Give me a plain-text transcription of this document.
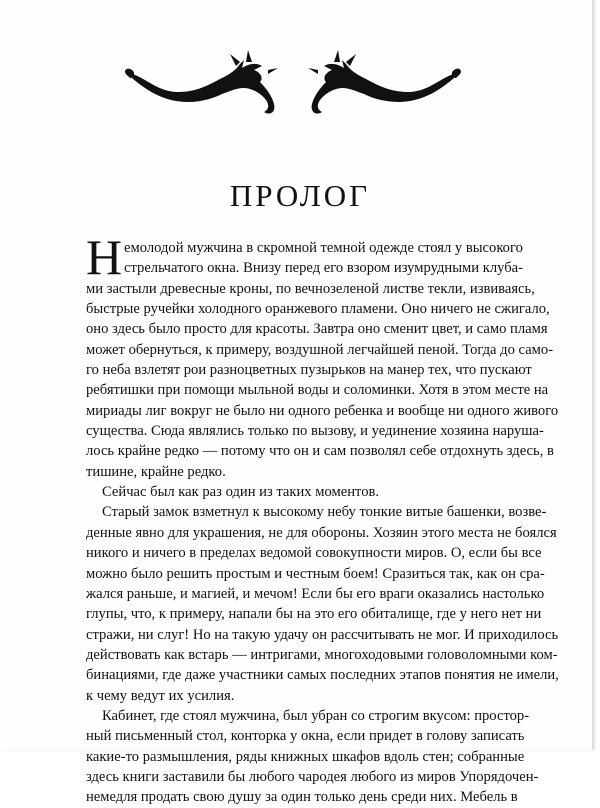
ПРОЛОГ
Н емолодой мужчина в скромной темной одежде стоял у высокого
стрельчатого окна. Внизу перед его взором изумрудными клуба-
ми застыли древесные кроны, по вечнозеленой листве текли, извиваясь,
быстрые ручейки холодного оранжевого пламени. Оно ничего не сжигало,
оно здесь было просто для красоты. Завтра оно сменит цвет, и само пламя
может обернуться, к примеру, воздушной легчайшей пеной. Тогда до само-
го неба взлетят рои разноцветных пузырьков на манер тех, что пускают
ребятишки при помощи мыльной воды и соломинки. Хотя в этом месте на
мириады лиг вокруг не было ни одного ребенка и вообще ни одного живого
существа. Сюда являлись только по вызову, и уединение хозяина наруша-
лось крайне редко — потому что он и сам позволял себе отдохнуть здесь, в
тишине, крайне редко.
Сейчас был как раз один из таких моментов.
Старый замок взметнул к высокому небу тонкие витые башенки, возве-
денные явно для украшения, не для обороны. Хозяин этого места не боялся
никого и ничего в пределах ведомой совокупности миров. О, если бы все
можно было решить простым и честным боем! Сразиться так, как он сра-
жался раньше, и магией, и мечом! Если бы его враги оказались настолько
глупы, что, к примеру, напали бы на это его обиталище, где у него нет ни
стражи, ни слуг! Но на такую удачу он рассчитывать не мог. И приходилось
действовать как встарь — интригами, многоходовыми головоломными ком-
бинациями, где даже участники самых последних этапов понятия не имели,
к чему ведут их усилия.
Кабинет, где стоял мужчина, был убран со строгим вкусом: простор-
ный письменный стол, конторка у окна, если придет в голову записать
какие-то размышления, ряды книжных шкафов вдоль стен; собранные
здесь книги заставили бы любого чародея любого из миров Упорядочен-
немедля продать свою душу за один только день среди них. Мебель в
